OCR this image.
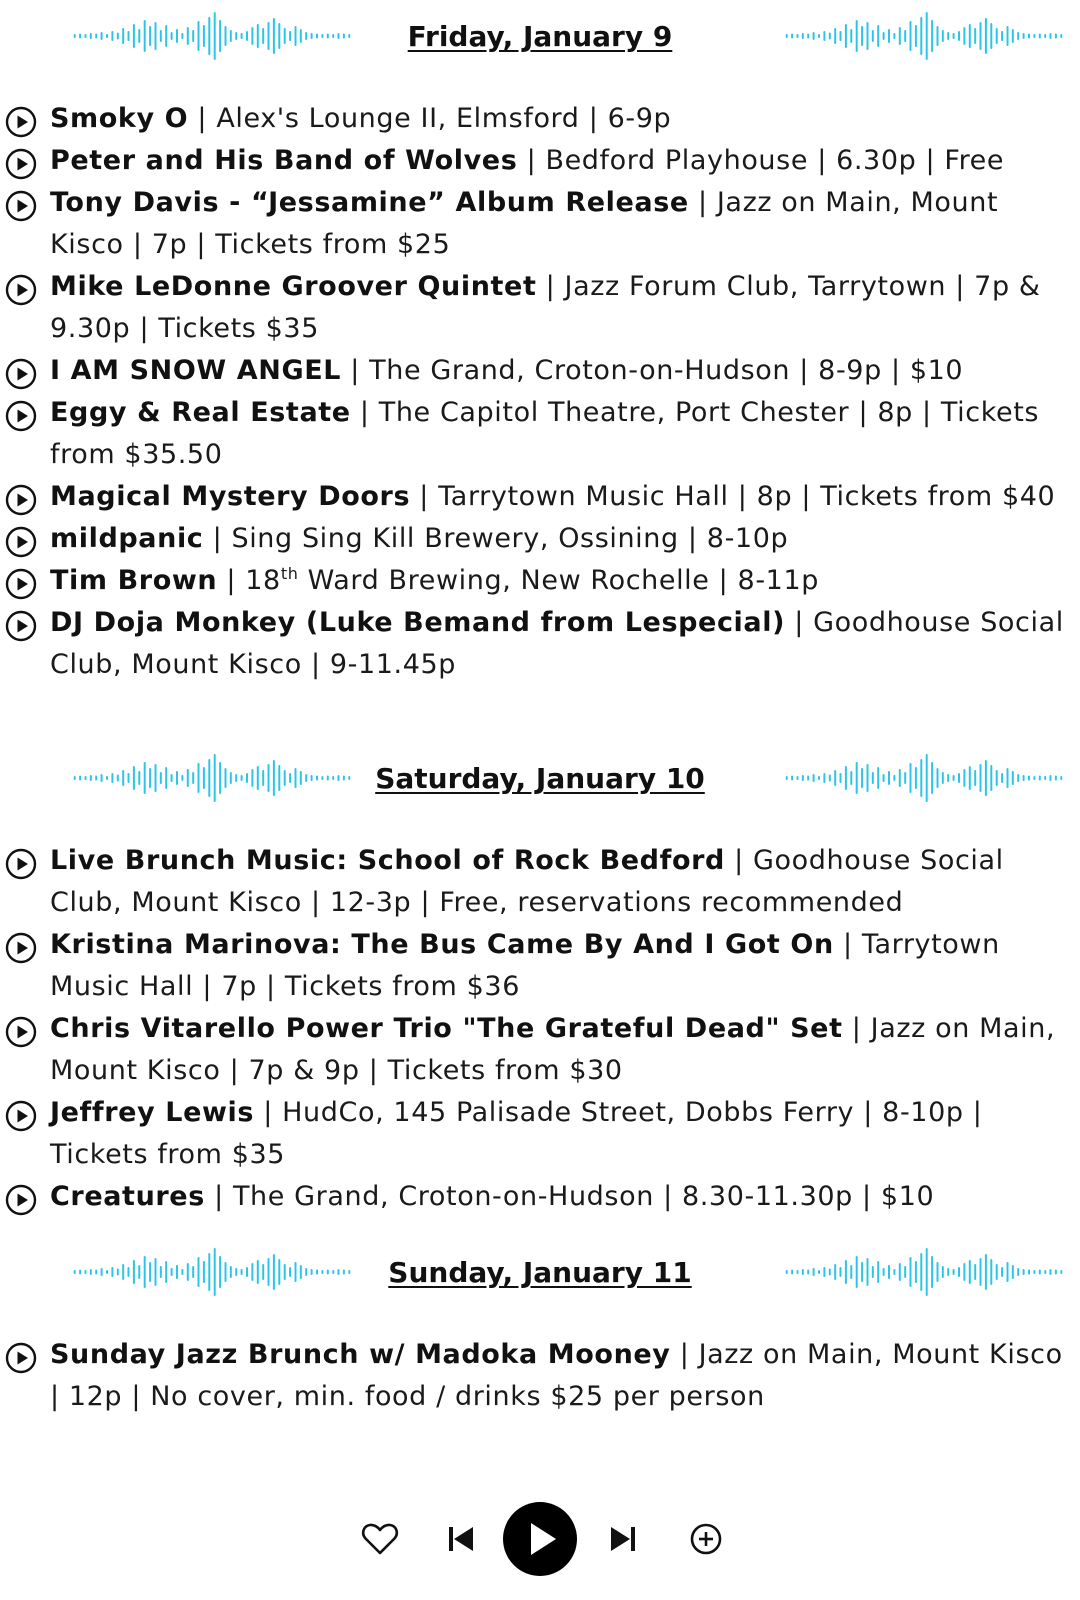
Friday, January 9
Smoky O | Alex's Lounge II, Elmsford | 6-9p
Peter and His Band of Wolves | Bedford Playhouse | 6.30p | Free
Tony Davis - “Jessamine” Album Release | Jazz on Main, Mount Kisco | 7p | Tickets from $25
Mike LeDonne Groover Quintet | Jazz Forum Club, Tarrytown | 7p & 9.30p | Tickets $35
I AM SNOW ANGEL | The Grand, Croton-on-Hudson | 8-9p | $10
Eggy & Real Estate | The Capitol Theatre, Port Chester | 8p | Tickets from $35.50
Magical Mystery Doors | Tarrytown Music Hall | 8p | Tickets from $40
mildpanic | Sing Sing Kill Brewery, Ossining | 8-10p
Tim Brown | 18th Ward Brewing, New Rochelle | 8-11p
DJ Doja Monkey (Luke Bemand from Lespecial) | Goodhouse Social Club, Mount Kisco | 9-11.45p
Saturday, January 10
Live Brunch Music: School of Rock Bedford | Goodhouse Social Club, Mount Kisco | 12-3p | Free, reservations recommended
Kristina Marinova: The Bus Came By And I Got On | Tarrytown Music Hall | 7p | Tickets from $36
Chris Vitarello Power Trio "The Grateful Dead" Set | Jazz on Main, Mount Kisco | 7p & 9p | Tickets from $30
Jeffrey Lewis | HudCo, 145 Palisade Street, Dobbs Ferry | 8-10p | Tickets from $35
Creatures | The Grand, Croton-on-Hudson | 8.30-11.30p | $10
Sunday, January 11
Sunday Jazz Brunch w/ Madoka Mooney | Jazz on Main, Mount Kisco | 12p | No cover, min. food / drinks $25 per person
